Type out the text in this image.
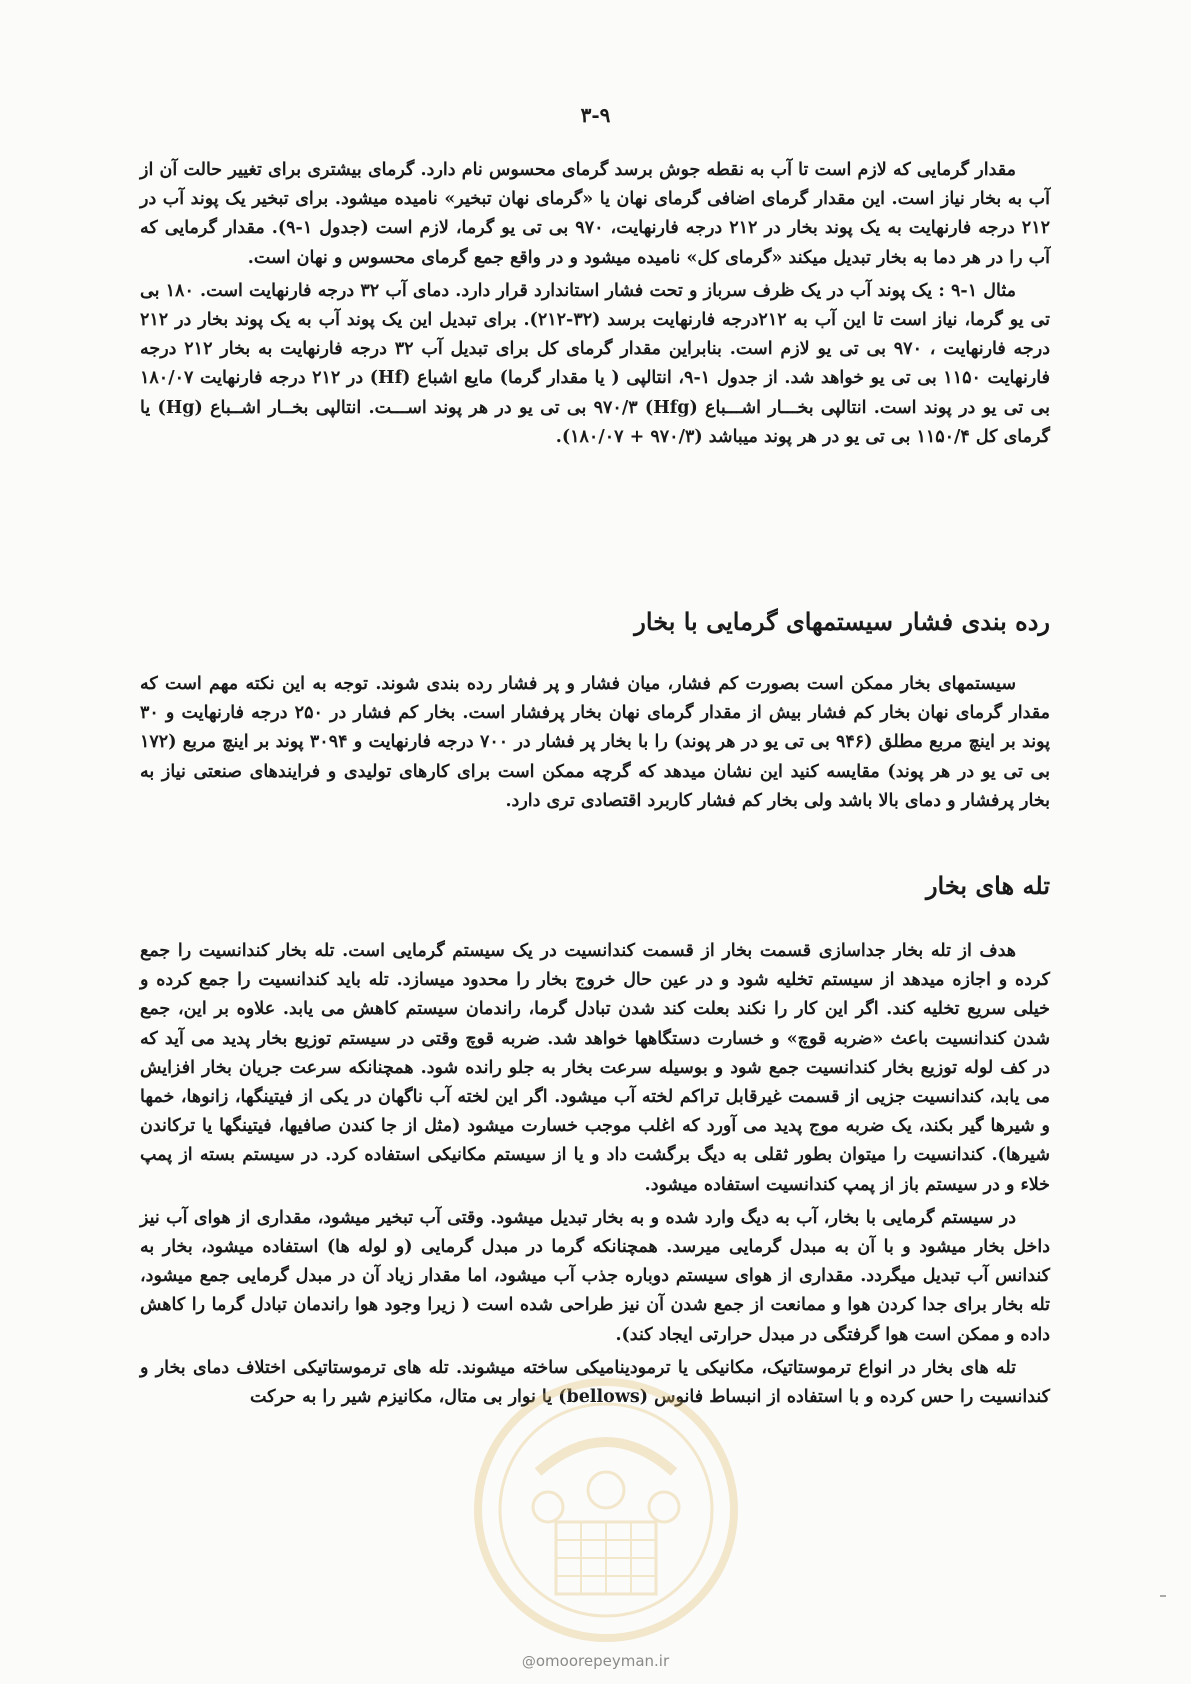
۳-۹

مقدار گرمایی که لازم است تا آب به نقطه جوش برسد گرمای محسوس نام دارد. گرمای بیشتری برای تغییر حالت آن از آب به بخار نیاز است. این مقدار گرمای اضافی گرمای نهان یا «گرمای نهان تبخیر» نامیده میشود. برای تبخیر یک پوند آب در ۲۱۲ درجه فارنهایت به یک پوند بخار در ۲۱۲ درجه فارنهایت، ۹۷۰ بی تی یو گرما، لازم است (جدول ۱-۹). مقدار گرمایی که آب را در هر دما به بخار تبدیل میکند «گرمای کل» نامیده میشود و در واقع جمع گرمای محسوس و نهان است.

مثال ۱-۹ : یک پوند آب در یک ظرف سرباز و تحت فشار استاندارد قرار دارد. دمای آب ۳۲ درجه فارنهایت است. ۱۸۰ بی تی یو گرما، نیاز است تا این آب به ۲۱۲درجه فارنهایت برسد (۳۲-۲۱۲). برای تبدیل این یک پوند آب به یک پوند بخار در ۲۱۲ درجه فارنهایت ، ۹۷۰ بی تی یو لازم است. بنابراین مقدار گرمای کل برای تبدیل آب ۳۲ درجه فارنهایت به بخار ۲۱۲ درجه فارنهایت ۱۱۵۰ بی تی یو خواهد شد. از جدول ۱-۹، انتالپی ( یا مقدار گرما) مایع اشباع (Hf) در ۲۱۲ درجه فارنهایت ۱۸۰/۰۷ بی تی یو در پوند است. انتالپی بخـــار اشـــباع (Hfg) ۹۷۰/۳ بی تی یو در هر پوند اســـت. انتالپی بخــار اشــباع (Hg) یا گرمای کل ۱۱۵۰/۴ بی تی یو در هر پوند میباشد (۹۷۰/۳ + ۱۸۰/۰۷).

رده بندی فشار سیستمهای گرمایی با بخار

سیستمهای بخار ممکن است بصورت کم فشار، میان فشار و پر فشار رده بندی شوند. توجه به این نکته مهم است که مقدار گرمای نهان بخار کم فشار بیش از مقدار گرمای نهان بخار پرفشار است. بخار کم فشار در ۲۵۰ درجه فارنهایت و ۳۰ پوند بر اینچ مربع مطلق (۹۴۶ بی تی یو در هر پوند) را با بخار پر فشار در ۷۰۰ درجه فارنهایت و ۳۰۹۴ پوند بر اینچ مربع (۱۷۲ بی تی یو در هر پوند) مقایسه کنید این نشان میدهد که گرچه ممکن است برای کارهای تولیدی و فرایندهای صنعتی نیاز به بخار پرفشار و دمای بالا باشد ولی بخار کم فشار کاربرد اقتصادی تری دارد.

تله های بخار

هدف از تله بخار جداسازی قسمت بخار از قسمت کندانسیت در یک سیستم گرمایی است. تله بخار کندانسیت را جمع کرده و اجازه میدهد از سیستم تخلیه شود و در عین حال خروج بخار را محدود میسازد. تله باید کندانسیت را جمع کرده و خیلی سریع تخلیه کند. اگر این کار را نکند بعلت کند شدن تبادل گرما، راندمان سیستم کاهش می یابد. علاوه بر این، جمع شدن کندانسیت باعث «ضربه قوچ» و خسارت دستگاهها خواهد شد. ضربه قوچ وقتی در سیستم توزیع بخار پدید می آید که در کف لوله توزیع بخار کندانسیت جمع شود و بوسیله سرعت بخار به جلو رانده شود. همچنانکه سرعت جریان بخار افزایش می یابد، کندانسیت جزیی از قسمت غیرقابل تراکم لخته آب میشود. اگر این لخته آب ناگهان در یکی از فیتینگها، زانوها، خمها و شیرها گیر بکند، یک ضربه موج پدید می آورد که اغلب موجب خسارت میشود (مثل از جا کندن صافیها، فیتینگها یا ترکاندن شیرها). کندانسیت را میتوان بطور ثقلی به دیگ برگشت داد و یا از سیستم مکانیکی استفاده کرد. در سیستم بسته از پمپ خلاء و در سیستم باز از پمپ کندانسیت استفاده میشود.

در سیستم گرمایی با بخار، آب به دیگ وارد شده و به بخار تبدیل میشود. وقتی آب تبخیر میشود، مقداری از هوای آب نیز داخل بخار میشود و با آن به مبدل گرمایی میرسد. همچنانکه گرما در مبدل گرمایی (و لوله ها) استفاده میشود، بخار به کندانس آب تبدیل میگردد. مقداری از هوای سیستم دوباره جذب آب میشود، اما مقدار زیاد آن در مبدل گرمایی جمع میشود، تله بخار برای جدا کردن هوا و ممانعت از جمع شدن آن نیز طراحی شده است ( زیرا وجود هوا راندمان تبادل گرما را کاهش داده و ممکن است هوا گرفتگی در مبدل حرارتی ایجاد کند).

تله های بخار در انواع ترموستاتیک، مکانیکی یا ترمودینامیکی ساخته میشوند. تله های ترموستاتیکی اختلاف دمای بخار و کندانسیت را حس کرده و با استفاده از انبساط فانوس (bellows) یا نوار بی متال، مکانیزم شیر را به حرکت

@omoorepeyman.ir
